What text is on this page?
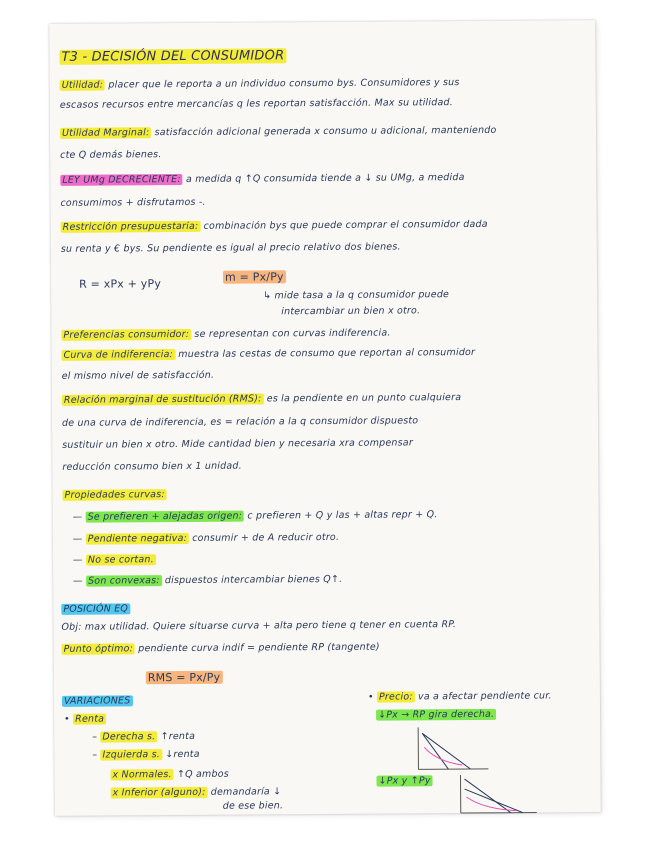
T3 - DECISIÓN DEL CONSUMIDOR
Utilidad: placer que le reporta a un individuo consumo bys. Consumidores y sus
escasos recursos entre mercancías q les reportan satisfacción. Max su utilidad.
Utilidad Marginal: satisfacción adicional generada x consumo u adicional, manteniendo
cte Q demás bienes.
LEY UMg DECRECIENTE: a medida q ↑Q consumida tiende a ↓ su UMg, a medida
consumimos + disfrutamos -.
Restricción presupuestaria: combinación bys que puede comprar el consumidor dada
su renta y € bys. Su pendiente es igual al precio relativo dos bienes.
R = xPx + yPy
m = Px/Py
↳ mide tasa a la q consumidor puede
intercambiar un bien x otro.
Preferencias consumidor: se representan con curvas indiferencia.
Curva de indiferencia: muestra las cestas de consumo que reportan al consumidor
el mismo nivel de satisfacción.
Relación marginal de sustitución (RMS): es la pendiente en un punto cualquiera
de una curva de indiferencia, es = relación a la q consumidor dispuesto
sustituir un bien x otro. Mide cantidad bien y necesaria xra compensar
reducción consumo bien x 1 unidad.
Propiedades curvas:
— Se prefieren + alejadas origen: c prefieren + Q y las + altas repr + Q.
— Pendiente negativa: consumir + de A reducir otro.
— No se cortan.
— Son convexas: dispuestos intercambiar bienes Q↑.
POSICIÓN EQ
Obj: max utilidad. Quiere situarse curva + alta pero tiene q tener en cuenta RP.
Punto óptimo: pendiente curva indif = pendiente RP (tangente)
RMS = Px/Py
VARIACIONES
• Renta
– Derecha s. ↑renta
– Izquierda s. ↓renta
x Normales. ↑Q ambos
x Inferior (alguno): demandaría ↓
de ese bien.
• Precio: va a afectar pendiente cur.
↓Px → RP gira derecha.
↓Px y ↑Py
